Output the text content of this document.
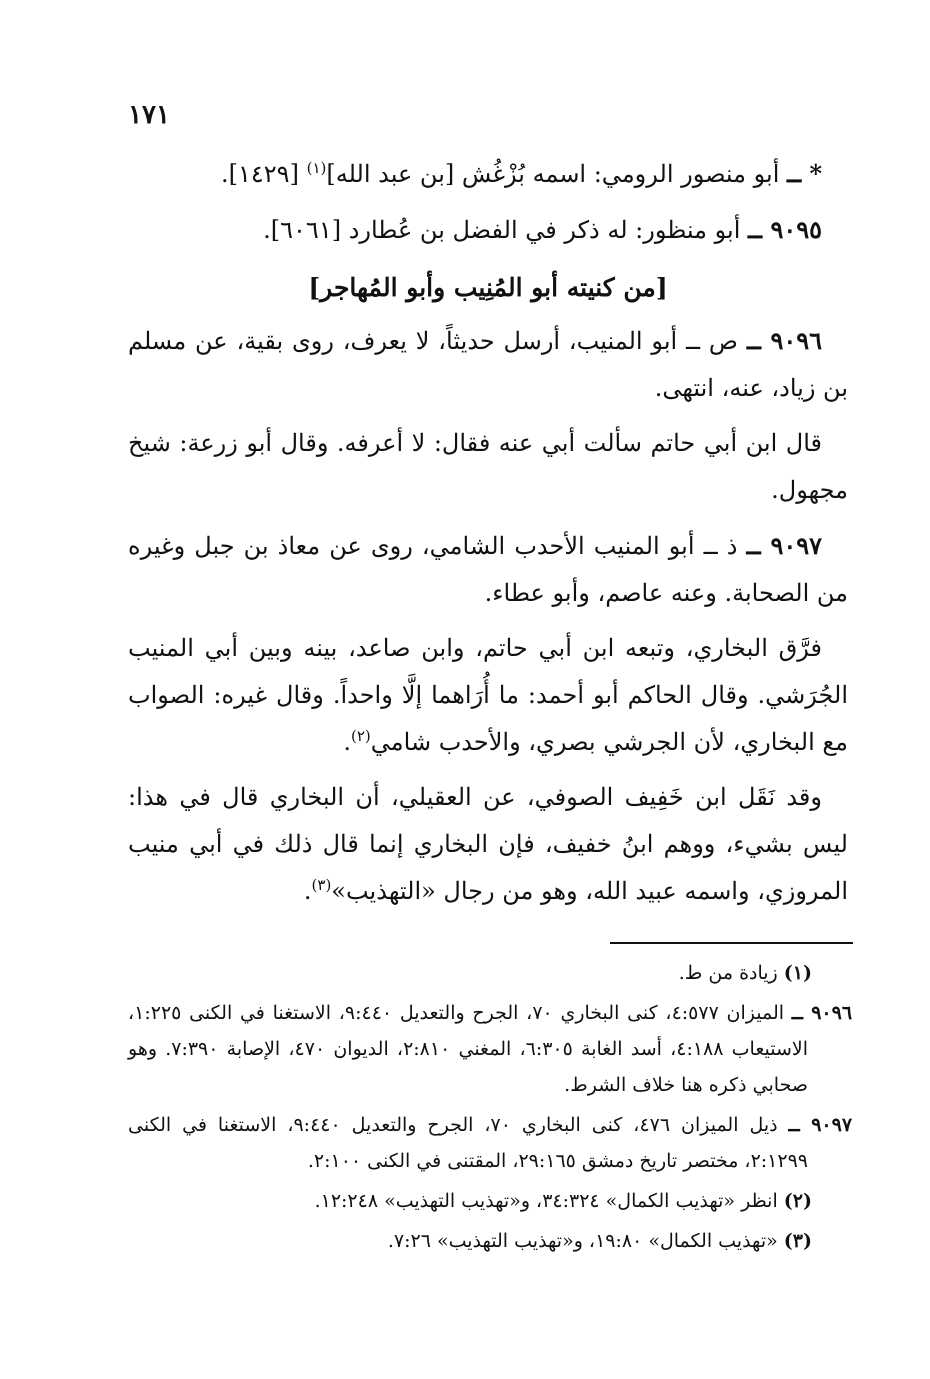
١٧١

* ــ أبو منصور الرومي: اسمه بُزْغُش [بن عبد الله]$^{(١)}$ [١٤٢٩].

٩٠٩٥ ــ أبو منظور: له ذكر في الفضل بن عُطارد [٦٠٦١].

[من كنيته أبو المُنِيب وأبو المُهاجر]

٩٠٩٦ ــ ص ــ أبو المنيب، أرسل حديثاً، لا يعرف، روى بقية، عن مسلم بن زياد، عنه، انتهى.

قال ابن أبي حاتم سألت أبي عنه فقال: لا أعرفه. وقال أبو زرعة: شيخ مجهول.

٩٠٩٧ ــ ذ ــ أبو المنيب الأحدب الشامي، روى عن معاذ بن جبل وغيره من الصحابة. وعنه عاصم، وأبو عطاء.

فرَّق البخاري، وتبعه ابن أبي حاتم، وابن صاعد، بينه وبين أبي المنيب الجُرَشي. وقال الحاكم أبو أحمد: ما أُرَاهما إلَّا واحداً. وقال غيره: الصواب مع البخاري، لأن الجرشي بصري، والأحدب شامي$^{(٢)}$.

وقد نَقَل ابن خَفِيف الصوفي، عن العقيلي، أن البخاري قال في هذا: ليس بشيء، ووهم ابنُ خفيف، فإن البخاري إنما قال ذلك في أبي منيب المروزي، واسمه عبيد الله، وهو من رجال «التهذيب»$^{(٣)}$.

(١) زيادة من ط.

٩٠٩٦ ــ الميزان ٤:٥٧٧، كنى البخاري ٧٠، الجرح والتعديل ٩:٤٤٠، الاستغنا في الكنى ١:٢٢٥، الاستيعاب ٤:١٨٨، أسد الغابة ٦:٣٠٥، المغني ٢:٨١٠، الديوان ٤٧٠، الإصابة ٧:٣٩٠. وهو صحابي ذكره هنا خلاف الشرط.

٩٠٩٧ ــ ذيل الميزان ٤٧٦، كنى البخاري ٧٠، الجرح والتعديل ٩:٤٤٠، الاستغنا في الكنى ٢:١٢٩٩، مختصر تاريخ دمشق ٢٩:١٦٥، المقتنى في الكنى ٢:١٠٠.

(٢) انظر «تهذيب الكمال» ٣٤:٣٢٤، و«تهذيب التهذيب» ١٢:٢٤٨.

(٣) «تهذيب الكمال» ١٩:٨٠، و«تهذيب التهذيب» ٧:٢٦.
